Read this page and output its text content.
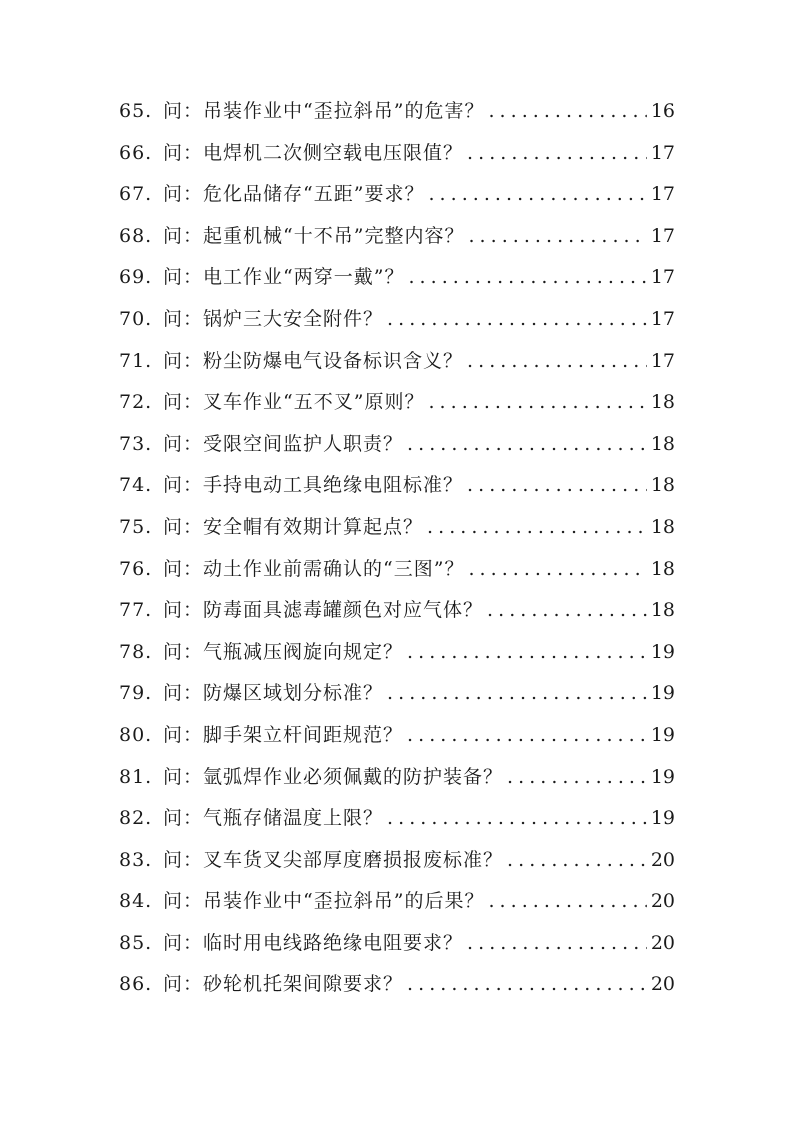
65. 问： 吊装作业中“歪拉斜吊”的危害？ . . .	16
66. 问： 电焊机二次侧空载电压限值？ . . .	17
67. 问： 危化品储存“五距”要求？ . . .	17
68. 问： 起重机械“十不吊”完整内容？ . . .	17
69. 问： 电工作业“两穿一戴”？ . . .	17
70. 问： 锅炉三大安全附件？ . . .	17
71. 问： 粉尘防爆电气设备标识含义？ . . .	17
72. 问： 叉车作业“五不叉”原则？ . . .	18
73. 问： 受限空间监护人职责？ . . .	18
74. 问： 手持电动工具绝缘电阻标准？ . . .	18
75. 问： 安全帽有效期计算起点？ . . .	18
76. 问： 动土作业前需确认的“三图”？ . . .	18
77. 问： 防毒面具滤毒罐颜色对应气体？ . . .	18
78. 问： 气瓶减压阀旋向规定？ . . .	19
79. 问： 防爆区域划分标准？ . . .	19
80. 问： 脚手架立杆间距规范？ . . .	19
81. 问： 氩弧焊作业必须佩戴的防护装备？ . . .	19
82. 问： 气瓶存储温度上限？ . . .	19
83. 问： 叉车货叉尖部厚度磨损报废标准？ . . .	20
84. 问： 吊装作业中“歪拉斜吊”的后果？ . . .	20
85. 问： 临时用电线路绝缘电阻要求？ . . .	20
86. 问： 砂轮机托架间隙要求？ . . .	20
